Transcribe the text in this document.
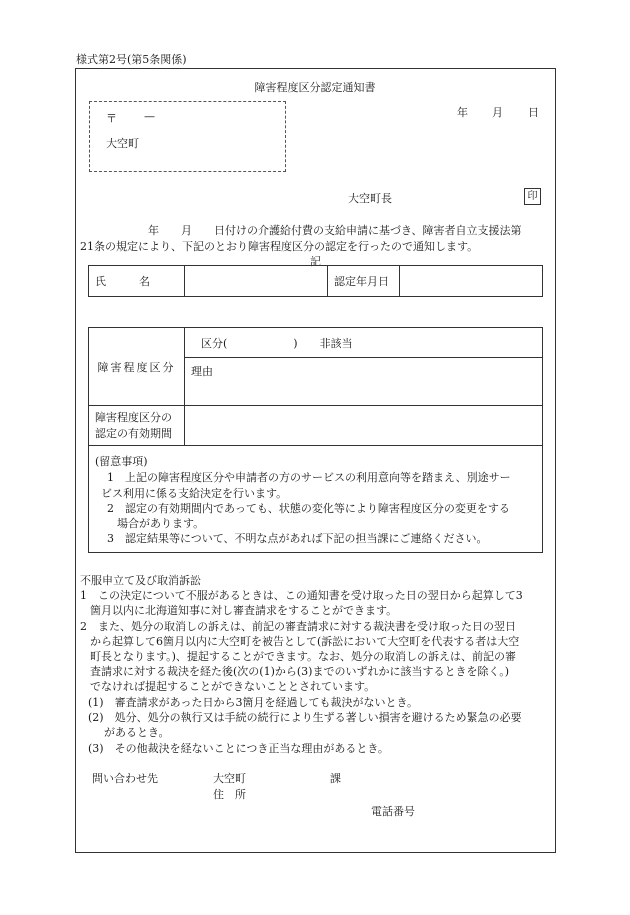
様式第2号(第5条関係)
障害程度区分認定通知書
〒 —
大空町
年 月 日
大空町長	印
年　　月　　日付けの介護給付費の支給申請に基づき、障害者自立支援法第
21条の規定により、下記のとおり障害程度区分の認定を行ったので通知します。
記
氏　　　名		認定年月日	
障害程度区分	区分(　　　　　　)　　非該当
	理由
障害程度区分の
認定の有効期間	
(留意事項)
1　上記の障害程度区分や申請者の方のサービスの利用意向等を踏まえ、別途サー
ビス利用に係る支給決定を行います。
2　認定の有効期間内であっても、状態の変化等により障害程度区分の変更をする
場合があります。
3　認定結果等について、不明な点があれば下記の担当課にご連絡ください。
不服申立て及び取消訴訟
1　この決定について不服があるときは、この通知書を受け取った日の翌日から起算して3
箇月以内に北海道知事に対し審査請求をすることができます。
2　また、処分の取消しの訴えは、前記の審査請求に対する裁決書を受け取った日の翌日
から起算して6箇月以内に大空町を被告として(訴訟において大空町を代表する者は大空
町長となります。)、提起することができます。なお、処分の取消しの訴えは、前記の審
査請求に対する裁決を経た後(次の(1)から(3)までのいずれかに該当するときを除く。)
でなければ提起することができないこととされています。
(1)　審査請求があった日から3箇月を経過しても裁決がないとき。
(2)　処分、処分の執行又は手続の続行により生ずる著しい損害を避けるため緊急の必要
があるとき。
(3)　その他裁決を経ないことにつき正当な理由があるとき。
問い合わせ先	大空町	課
住　所
電話番号
